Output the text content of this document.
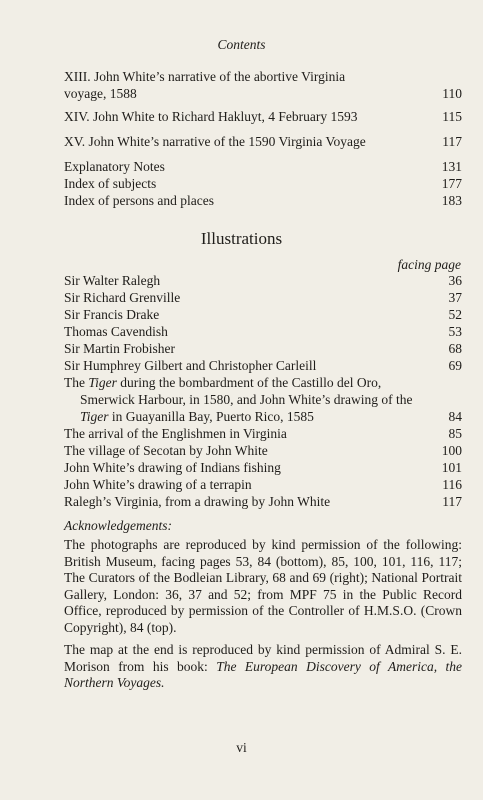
Contents
XIII. John White’s narrative of the abortive Virginia
voyage, 1588	110
XIV. John White to Richard Hakluyt, 4 February 1593	115
XV. John White’s narrative of the 1590 Virginia Voyage	117
Explanatory Notes	131
Index of subjects	177
Index of persons and places	183
Illustrations
facing page
Sir Walter Ralegh	36
Sir Richard Grenville	37
Sir Francis Drake	52
Thomas Cavendish	53
Sir Martin Frobisher	68
Sir Humphrey Gilbert and Christopher Carleill	69
The Tiger during the bombardment of the Castillo del Oro,
Smerwick Harbour, in 1580, and John White’s drawing of the
Tiger in Guayanilla Bay, Puerto Rico, 1585	84
The arrival of the Englishmen in Virginia	85
The village of Secotan by John White	100
John White’s drawing of Indians fishing	101
John White’s drawing of a terrapin	116
Ralegh’s Virginia, from a drawing by John White	117
Acknowledgements:
The photographs are reproduced by kind permission of the following: British Museum, facing pages 53, 84 (bottom), 85, 100, 101, 116, 117; The Curators of the Bodleian Library, 68 and 69 (right); National Portrait Gallery, London: 36, 37 and 52; from MPF 75 in the Public Record Office, reproduced by permission of the Controller of H.M.S.O. (Crown Copyright), 84 (top).
The map at the end is reproduced by kind permission of Admiral S. E. Morison from his book: The European Discovery of America, the Northern Voyages.
vi
